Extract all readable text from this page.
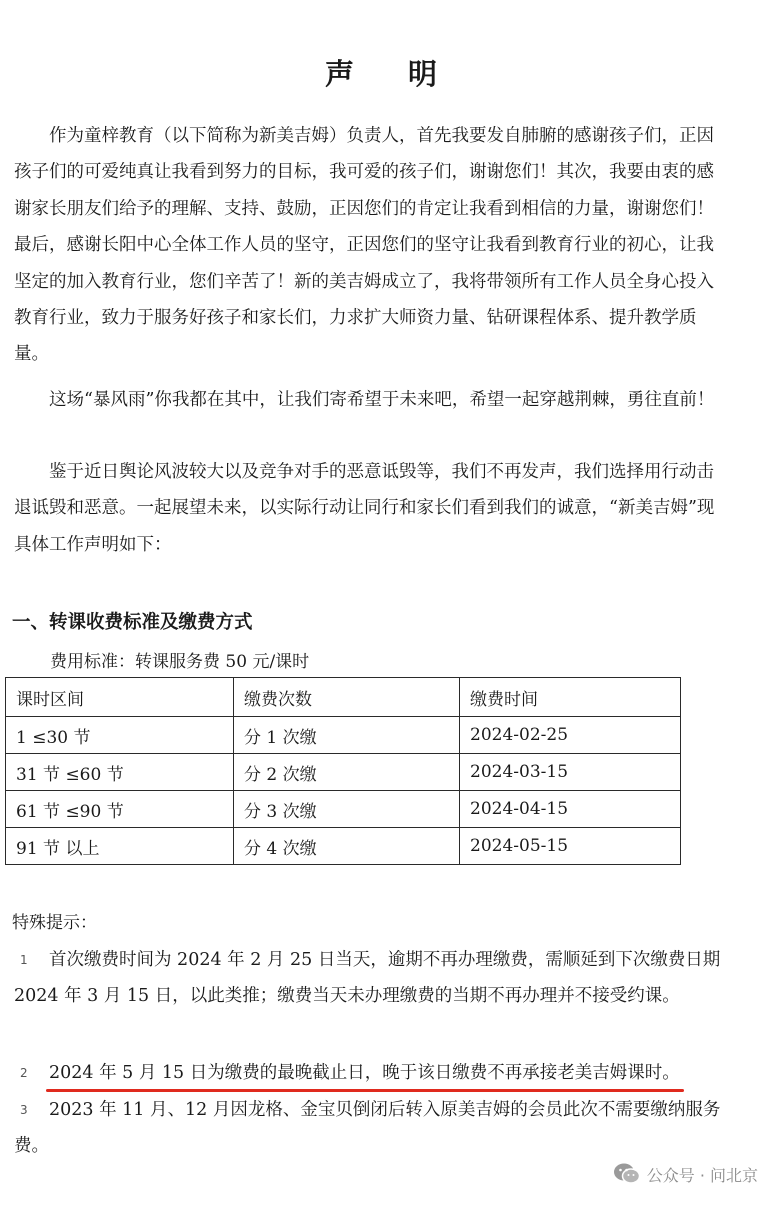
声 明

作为童梓教育（以下简称为新美吉姆）负责人，首先我要发自肺腑的感谢孩子们，正因孩子们的可爱纯真让我看到努力的目标，我可爱的孩子们，谢谢您们！其次，我要由衷的感谢家长朋友们给予的理解、支持、鼓励，正因您们的肯定让我看到相信的力量，谢谢您们！最后，感谢长阳中心全体工作人员的坚守，正因您们的坚守让我看到教育行业的初心，让我坚定的加入教育行业，您们辛苦了！新的美吉姆成立了，我将带领所有工作人员全身心投入教育行业，致力于服务好孩子和家长们，力求扩大师资力量、钻研课程体系、提升教学质量。

这场“暴风雨”你我都在其中，让我们寄希望于未来吧，希望一起穿越荆棘，勇往直前！

鉴于近日舆论风波较大以及竞争对手的恶意诋毁等，我们不再发声，我们选择用行动击退诋毁和恶意。一起展望未来，以实际行动让同行和家长们看到我们的诚意，“新美吉姆”现具体工作声明如下：

一、转课收费标准及缴费方式
费用标准：转课服务费 50 元/课时
课时区间	缴费次数	缴费时间
1 ≤30 节	分 1 次缴	2024-02-25
31 节 ≤60 节	分 2 次缴	2024-03-15
61 节 ≤90 节	分 3 次缴	2024-04-15
91 节 以上	分 4 次缴	2024-05-15
特殊提示：
1	首次缴费时间为 2024 年 2 月 25 日当天，逾期不再办理缴费，需顺延到下次缴费日期 2024 年 3 月 15 日，以此类推；缴费当天未办理缴费的当期不再办理并不接受约课。

2	2024 年 5 月 15 日为缴费的最晚截止日，晚于该日缴费不再承接老美吉姆课时。

3	2023 年 11 月、12 月因龙格、金宝贝倒闭后转入原美吉姆的会员此次不需要缴纳服务费。

公众号 · 问北京
